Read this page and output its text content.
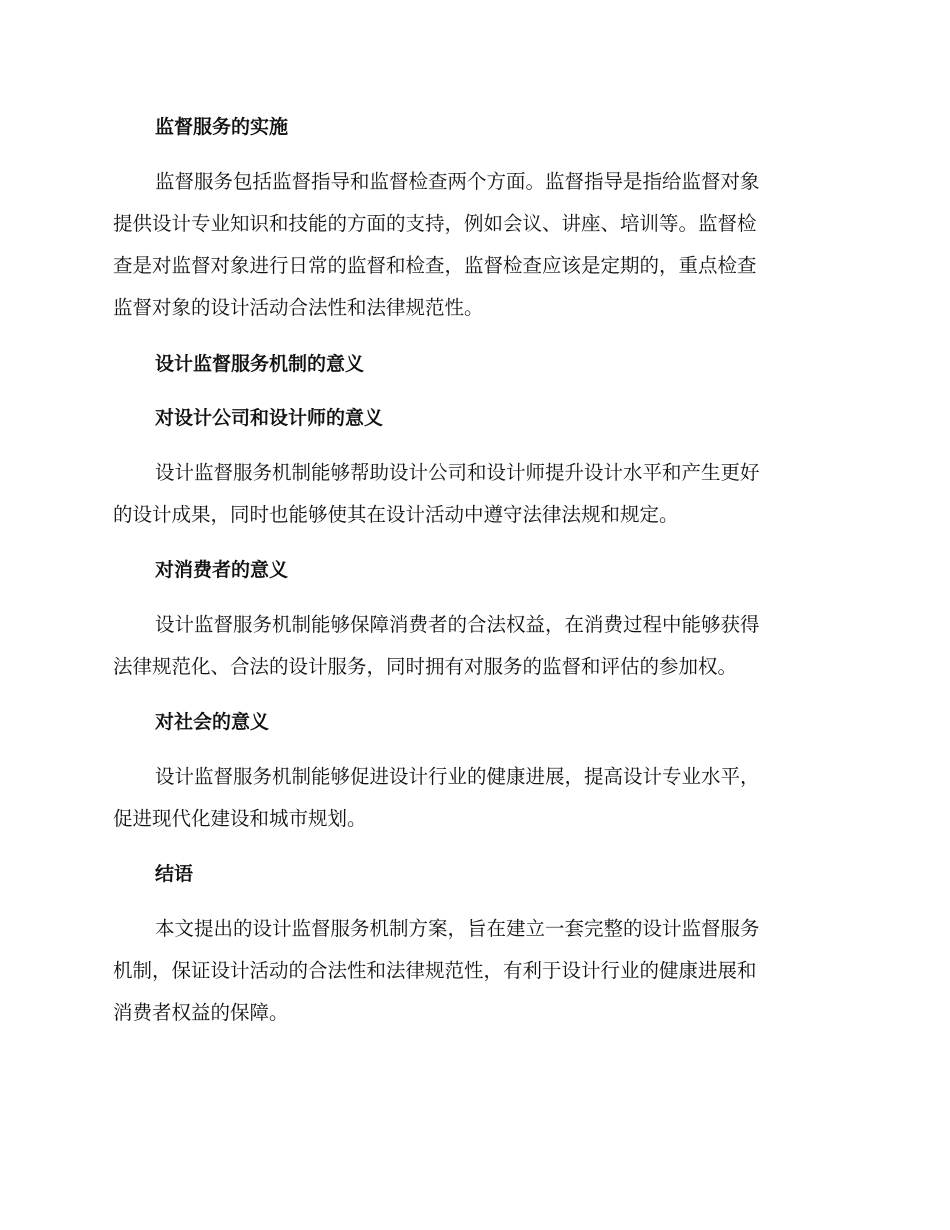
监督服务的实施

监督服务包括监督指导和监督检查两个方面。监督指导是指给监督对象
提供设计专业知识和技能的方面的支持，例如会议、讲座、培训等。监督检
查是对监督对象进行日常的监督和检查，监督检查应该是定期的，重点检查
监督对象的设计活动合法性和法律规范性。

设计监督服务机制的意义
对设计公司和设计师的意义

设计监督服务机制能够帮助设计公司和设计师提升设计水平和产生更好
的设计成果，同时也能够使其在设计活动中遵守法律法规和规定。

对消费者的意义

设计监督服务机制能够保障消费者的合法权益，在消费过程中能够获得
法律规范化、合法的设计服务，同时拥有对服务的监督和评估的参加权。

对社会的意义

设计监督服务机制能够促进设计行业的健康进展，提高设计专业水平，
促进现代化建设和城市规划。

结语

本文提出的设计监督服务机制方案，旨在建立一套完整的设计监督服务
机制，保证设计活动的合法性和法律规范性，有利于设计行业的健康进展和
消费者权益的保障。
